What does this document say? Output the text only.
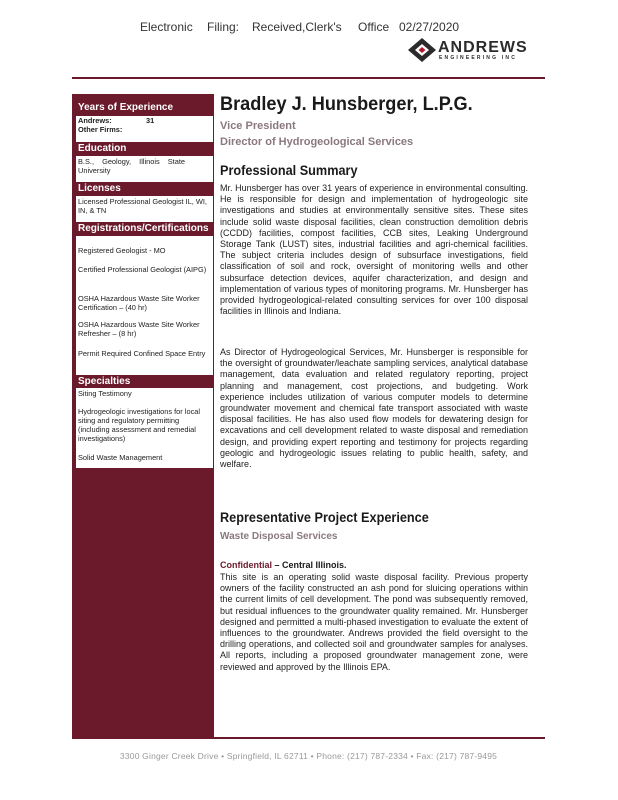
Electronic Filing: Received,Clerk's Office 02/27/2020
ANDREWS
ENGINEERING INC
Years of Experience
Andrews:	31
Other Firms:
Education
B.S., Geology, Illinois State University
Licenses
Licensed Professional Geologist IL, WI, IN, & TN
Registrations/Certifications
Registered Geologist - MO
Certified Professional Geologist (AIPG)
OSHA Hazardous Waste Site Worker Certification – (40 hr)
OSHA Hazardous Waste Site Worker Refresher – (8 hr)
Permit Required Confined Space Entry
Specialties
Siting Testimony
Hydrogeologic investigations for local siting and regulatory permitting (including assessment and remedial investigations)
Solid Waste Management
Bradley J. Hunsberger, L.P.G.
Vice President
Director of Hydrogeological Services
Professional Summary
Mr. Hunsberger has over 31 years of experience in environmental consulting. He is responsible for design and implementation of hydrogeologic site investigations and studies at environmentally sensitive sites. These sites include solid waste disposal facilities, clean construction demolition debris (CCDD) facilities, compost facilities, CCB sites, Leaking Underground Storage Tank (LUST) sites, industrial facilities and agri-chemical facilities. The subject criteria includes design of subsurface investigations, field classification of soil and rock, oversight of monitoring wells and other subsurface detection devices, aquifer characterization, and design and implementation of various types of monitoring programs. Mr. Hunsberger has provided hydrogeological-related consulting services for over 100 disposal facilities in Illinois and Indiana.
As Director of Hydrogeological Services, Mr. Hunsberger is responsible for the oversight of groundwater/leachate sampling services, analytical database management, data evaluation and related regulatory reporting, project planning and management, cost projections, and budgeting. Work experience includes utilization of various computer models to determine groundwater movement and chemical fate transport associated with waste disposal facilities. He has also used flow models for dewatering design for excavations and cell development related to waste disposal and remediation design, and providing expert reporting and testimony for projects regarding geologic and hydrogeologic issues relating to public health, safety, and welfare.
Representative Project Experience
Waste Disposal Services
Confidential – Central Illinois.
This site is an operating solid waste disposal facility. Previous property owners of the facility constructed an ash pond for sluicing operations within the current limits of cell development. The pond was subsequently removed, but residual influences to the groundwater quality remained. Mr. Hunsberger designed and permitted a multi-phased investigation to evaluate the extent of influences to the groundwater. Andrews provided the field oversight to the drilling operations, and collected soil and groundwater samples for analyses. All reports, including a proposed groundwater management zone, were reviewed and approved by the Illinois EPA.
3300 Ginger Creek Drive • Springfield, IL 62711 • Phone: (217) 787-2334 • Fax: (217) 787-9495
